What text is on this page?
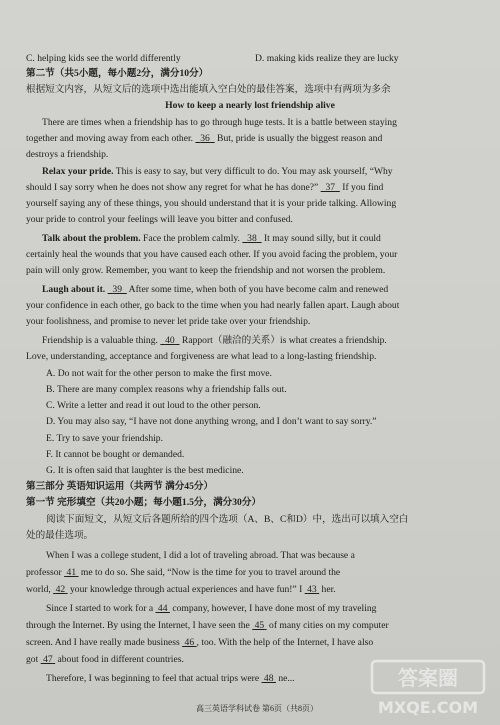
C. helping kids see the world differently	D. making kids realize they are lucky
第二节（共5小题，每小题2分，满分10分）
根据短文内容，从短文后的选项中选出能填入空白处的最佳答案，选项中有两项为多余
How to keep a nearly lost friendship alive
There are times when a friendship has to go through huge tests. It is a battle between staying
together and moving away from each other. 36 But, pride is usually the biggest reason and
destroys a friendship.
Relax your pride. This is easy to say, but very difficult to do. You may ask yourself, “Why
should I say sorry when he does not show any regret for what he has done?” 37 If you find
yourself saying any of these things, you should understand that it is your pride talking. Allowing
your pride to control your feelings will leave you bitter and confused.
Talk about the problem. Face the problem calmly. 38 It may sound silly, but it could
certainly heal the wounds that you have caused each other. If you avoid facing the problem, your
pain will only grow. Remember, you want to keep the friendship and not worsen the problem.
Laugh about it. 39 After some time, when both of you have become calm and renewed
your confidence in each other, go back to the time when you had nearly fallen apart. Laugh about
your foolishness, and promise to never let pride take over your friendship.
Friendship is a valuable thing. 40 Rapport（融洽的关系）is what creates a friendship.
Love, understanding, acceptance and forgiveness are what lead to a long-lasting friendship.
A. Do not wait for the other person to make the first move.
B. There are many complex reasons why a friendship falls out.
C. Write a letter and read it out loud to the other person.
D. You may also say, “I have not done anything wrong, and I don’t want to say sorry.”
E. Try to save your friendship.
F. It cannot be bought or demanded.
G. It is often said that laughter is the best medicine.
第三部分 英语知识运用（共两节 满分45分）
第一节 完形填空（共20小题；每小题1.5分，满分30分）
阅读下面短文，从短文后各题所给的四个选项（A、B、C和D）中，选出可以填入空白
处的最佳选项。
When I was a college student, I did a lot of traveling abroad. That was because a
professor 41 me to do so. She said, “Now is the time for you to travel around the
world, 42 your knowledge through actual experiences and have fun!” I 43 her.
Since I started to work for a 44 company, however, I have done most of my traveling
through the Internet. By using the Internet, I have seen the 45 of many cities on my computer
screen. And I have really made business 46 , too. With the help of the Internet, I have also
got 47 about food in different countries.
Therefore, I was beginning to feel that actual trips were 48 ne...
高三英语学科试卷 第6页（共8页）
答案圈
MXQE.COM
